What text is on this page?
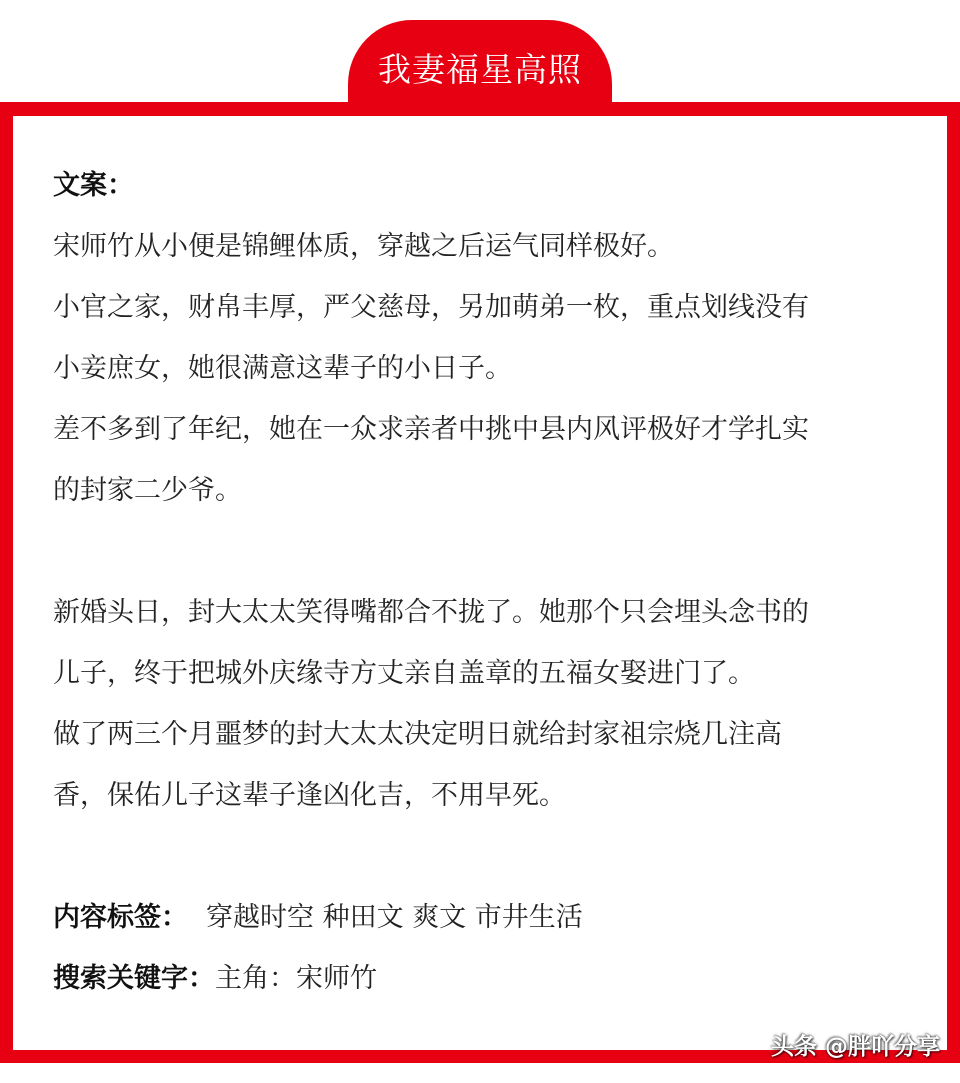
我妻福星高照
文案：
宋师竹从小便是锦鲤体质，穿越之后运气同样极好。
小官之家，财帛丰厚，严父慈母，另加萌弟一枚，重点划线没有
小妾庶女，她很满意这辈子的小日子。
差不多到了年纪，她在一众求亲者中挑中县内风评极好才学扎实
的封家二少爷。
新婚头日，封大太太笑得嘴都合不拢了。她那个只会埋头念书的
儿子，终于把城外庆缘寺方丈亲自盖章的五福女娶进门了。
做了两三个月噩梦的封大太太决定明日就给封家祖宗烧几注高
香，保佑儿子这辈子逢凶化吉，不用早死。
内容标签： 穿越时空 种田文 爽文 市井生活
搜索关键字：主角：宋师竹
头条 @胖吖分享
